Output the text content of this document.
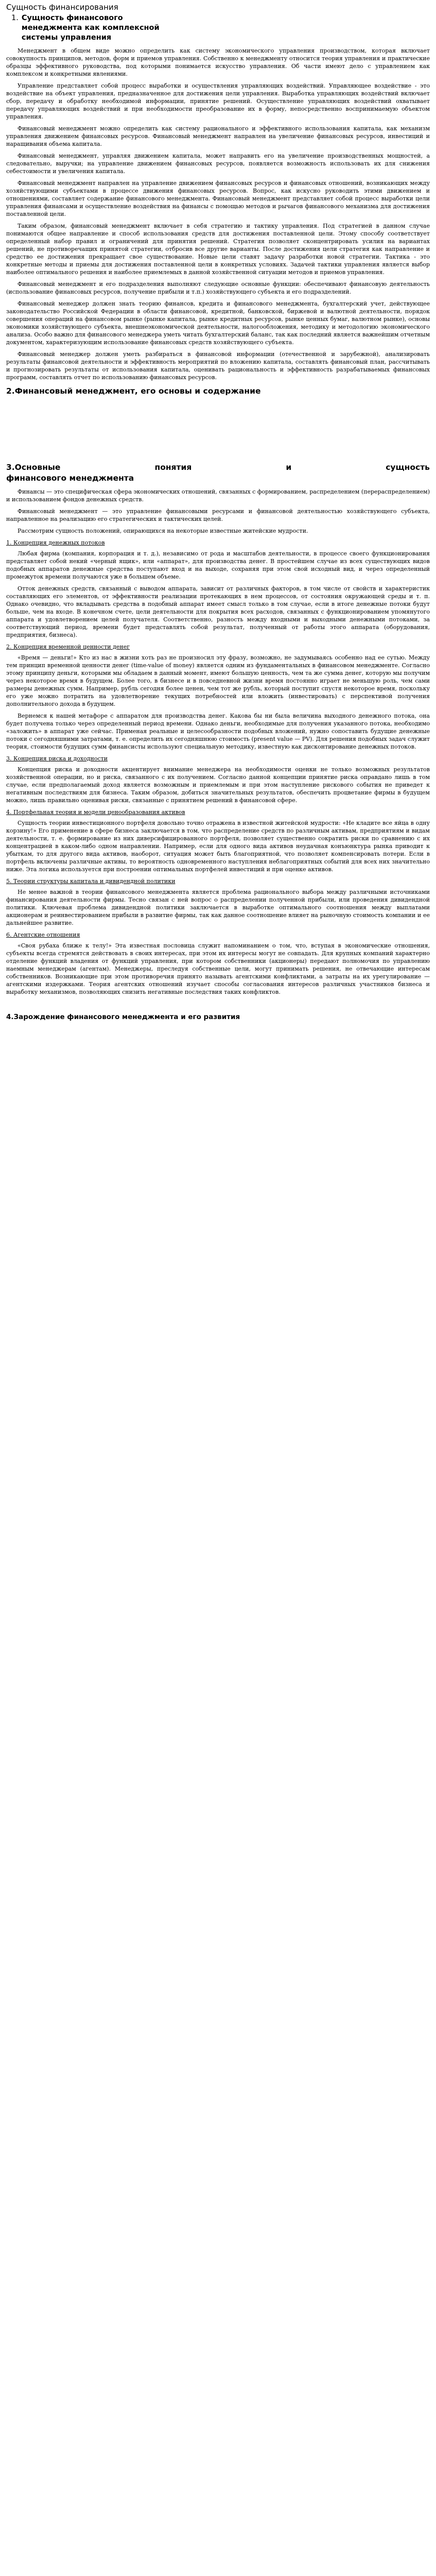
Сущность финансирования
1. Сущность финансового менеджмента как комплексной системы управления

Менеджмент в общем виде можно определить как систему экономического управления производством, которая включает совокупность принципов, методов, форм и приемов управления. Собственно к менеджменту относится теория управления и практические образцы эффективного руководства, под которыми понимается искусство управления. Об части имеют дело с управлением как комплексом и конкретными явлениями.

Управление представляет собой процесс выработки и осуществления управляющих воздействий. Управляющее воздействие - это воздействие на объект управления, предназначенное для достижения цели управления. Выработка управляющих воздействий включает сбор, передачу и обработку необходимой информации, принятие решений. Осуществление управляющих воздействий охватывает передачу управляющих воздействий и при необходимости преобразование их в форму, непосредственно воспринимаемую объектом управления.

Финансовый менеджмент можно определить как систему рационального и эффективного использования капитала, как механизм управления движением финансовых ресурсов. Финансовый менеджмент направлен на увеличение финансовых ресурсов, инвестиций и наращивания объема капитала.

Финансовый менеджмент, управляя движением капитала, может направить его на увеличение производственных мощностей, а следовательно, выручки; на управление движением финансовых ресурсов, появляется возможность использовать их для снижения себестоимости и увеличения капитала.

Финансовый менеджмент направлен на управление движением финансовых ресурсов и финансовых отношений, возникающих между хозяйствующими субъектами в процессе движения финансовых ресурсов. Вопрос, как искусно руководить этими движением и отношениями, составляет содержание финансового менеджмента. Финансовый менеджмент представляет собой процесс выработки цели управления финансами и осуществление воздействия на финансы с помощью методов и рычагов финансового механизма для достижения поставленной цели.

Таким образом, финансовый менеджмент включает в себя стратегию и тактику управления. Под стратегией в данном случае понимаются общее направление и способ использования средств для достижения поставленной цели. Этому способу соответствует определенный набор правил и ограничений для принятия решений. Стратегия позволяет сконцентрировать усилия на вариантах решений, не противоречащих принятой стратегии, отбросив все другие варианты. После достижения цели стратегия как направление и средство ее достижения прекращает свое существование. Новые цели ставят задачу разработки новой стратегии. Тактика - это конкретные методы и приемы для достижения поставленной цели в конкретных условиях. Задачей тактики управления является выбор наиболее оптимального решения и наиболее приемлемых в данной хозяйственной ситуации методов и приемов управления.

Финансовый менеджмент и его подразделения выполняют следующие основные функции: обеспечивают финансовую деятельность (использование финансовых ресурсов, получение прибыли и т.п.) хозяйствующего субъекта и его подразделений.

Финансовый менеджер должен знать теорию финансов, кредита и финансового менеджмента, бухгалтерский учет, действующее законодательство Российской Федерации в области финансовой, кредитной, банковской, биржевой и валютной деятельности, порядок совершения операций на финансовом рынке (рынке капитала, рынке кредитных ресурсов, рынке ценных бумаг, валютном рынке), основы экономики хозяйствующего субъекта, внешнеэкономической деятельности, налогообложения, методику и методологию экономического анализа. Особо важно для финансового менеджера уметь читать бухгалтерский баланс, так как последний является важнейшим отчетным документом, характеризующим использование финансовых средств хозяйствующего субъекта.

Финансовый менеджер должен уметь разбираться в финансовой информации (отечественной и зарубежной), анализировать результаты финансовой деятельности и эффективность мероприятий по вложению капитала, составлять финансовый план, рассчитывать и прогнозировать результаты от использования капитала, оценивать рациональность и эффективность разрабатываемых финансовых программ, составлять отчет по использованию финансовых ресурсов.

2.Финансовый менеджмент, его основы и содержание
3.Основные понятия и сущность
финансового менеджмента

Финансы — это специфическая сфера экономических отношений, связанных с формированием, распределением (перераспределением) и использованием фондов денежных средств.

Финансовый менеджмент — это управление финансовыми ресурсами и финансовой деятельностью хозяйствующего субъекта, направленное на реализацию его стратегических и тактических целей.

Рассмотрим сущность положений, опирающихся на некоторые известные житейские мудрости.

1. Концепция денежных потоков

Любая фирма (компания, корпорация и т. д.), независимо от рода и масштабов деятельности, в процессе своего функционирования представляет собой некий «черный ящик», или «аппарат», для производства денег. В простейшем случае из всех существующих видов подобных аппаратов денежные средства поступают вход и на выходе, сохраняя при этом свой исходный вид, и через определенный промежуток времени получаются уже в большем объеме.

Отток денежных средств, связанный с выводом аппарата, зависит от различных факторов, в том числе от свойств и характеристик составляющих его элементов, от эффективности реализации протекающих в нем процессов, от состояния окружающей среды и т. п. Однако очевидно, что вкладывать средства в подобный аппарат имеет смысл только в том случае, если в итоге денежные потоки будут больше, чем на входе. В конечном счете, цели деятельности для покрытия всех расходов, связанных с функционированием упомянутого аппарата и удовлетворением целей получателя. Соответственно, разность между входными и выходными денежными потоками, за соответствующий период, времени будет представлять собой результат, полученный от работы этого аппарата (оборудования, предприятия, бизнеса).

2. Концепция временной ценности денег

«Время — деньги!» Кто из нас в жизни хоть раз не произносил эту фразу, возможно, не задумываясь особенно над ее сутью. Между тем принцип временной ценности денег (time-value of money) является одним из фундаментальных в финансовом менеджменте. Согласно этому принципу деньги, которыми мы обладаем в данный момент, имеют большую ценность, чем та же сумма денег, которую мы получим через некоторое время в будущем. Более того, в бизнесе и в повседневной жизни время постоянно играет не меньшую роль, чем сами размеры денежных сумм. Например, рубль сегодня более ценен, чем тот же рубль, который поступит спустя некоторое время, поскольку его уже можно потратить на удовлетворение текущих потребностей или вложить (инвестировать) с перспективой получения дополнительного дохода в будущем.

Вернемся к нашей метафоре с аппаратом для производства денег. Какова бы ни была величина выходного денежного потока, она будет получена только через определенный период времени. Однако деньги, необходимые для получения указанного потока, необходимо «заложить» в аппарат уже сейчас. Применая реальные и целесообразности подобных вложений, нужно сопоставить будущие денежные потоки с сегодняшними затратами, т. е. определить их сегодняшнюю стоимость (present value — PV). Для решения подобных задач служит теория, стоимости будущих сумм финансисты используют специальную методику, известную как дисконтирование денежных потоков.

3. Концепция риска и доходности

Концепция риска и доходности акцентирует внимание менеджера на необходимости оценки не только возможных результатов хозяйственной операции, но и риска, связанного с их получением. Согласно данной концепции принятие риска оправдано лишь в том случае, если предполагаемый доход является возможным и приемлемым и при этом наступление рискового события не приведет к негативным последствиям для бизнеса. Таким образом, добиться значительных результатов, обеспечить процветание фирмы в будущем можно, лишь правильно оценивая риски, связанные с принятием решений в финансовой сфере.

4. Портфельная теория и модели ценообразования активов

Сущность теории инвестиционного портфеля довольно точно отражена в известной житейской мудрости: «Не кладите все яйца в одну корзину!» Его применение в сфере бизнеса заключается в том, что распределение средств по различным активам, предприятиям и видам деятельности, т. е. формирование из них диверсифицированного портфеля, позволяет существенно сократить риски по сравнению с их концентрацией в каком-либо одном направлении. Например, если для одного вида активов неудачная конъюнктура рынка приводит к убыткам, то для другого вида активов, наоборот, ситуация может быть благоприятной, что позволяет компенсировать потери. Если в портфель включены различные активы, то вероятность одновременного наступления неблагоприятных событий для всех них значительно ниже. Эта логика используется при построении оптимальных портфелей инвестиций и при оценке активов.

5. Теории структуры капитала и дивидендной политики

Не менее важной в теории финансового менеджмента является проблема рационального выбора между различными источниками финансирования деятельности фирмы. Тесно связан с ней вопрос о распределении полученной прибыли, или проведения дивидендной политики. Ключевая проблема дивидендной политики заключается в выработке оптимального соотношения между выплатами акционерам и реинвестированием прибыли в развитие фирмы, так как данное соотношение влияет на рыночную стоимость компании и ее дальнейшее развитие.

6. Агентские отношения

«Своя рубаха ближе к телу!» Эта известная пословица служит напоминанием о том, что, вступая в экономические отношения, субъекты всегда стремятся действовать в своих интересах, при этом их интересы могут не совпадать. Для крупных компаний характерно отделение функций владения от функций управления, при котором собственники (акционеры) передают полномочия по управлению наемным менеджерам (агентам). Менеджеры, преследуя собственные цели, могут принимать решения, не отвечающие интересам собственников. Возникающие при этом противоречия принято называть агентскими конфликтами, а затраты на их урегулирование — агентскими издержками. Теория агентских отношений изучает способы согласования интересов различных участников бизнеса и выработку механизмов, позволяющих снизить негативные последствия таких конфликтов.

4.Зарождение финансового менеджмента и его развития
